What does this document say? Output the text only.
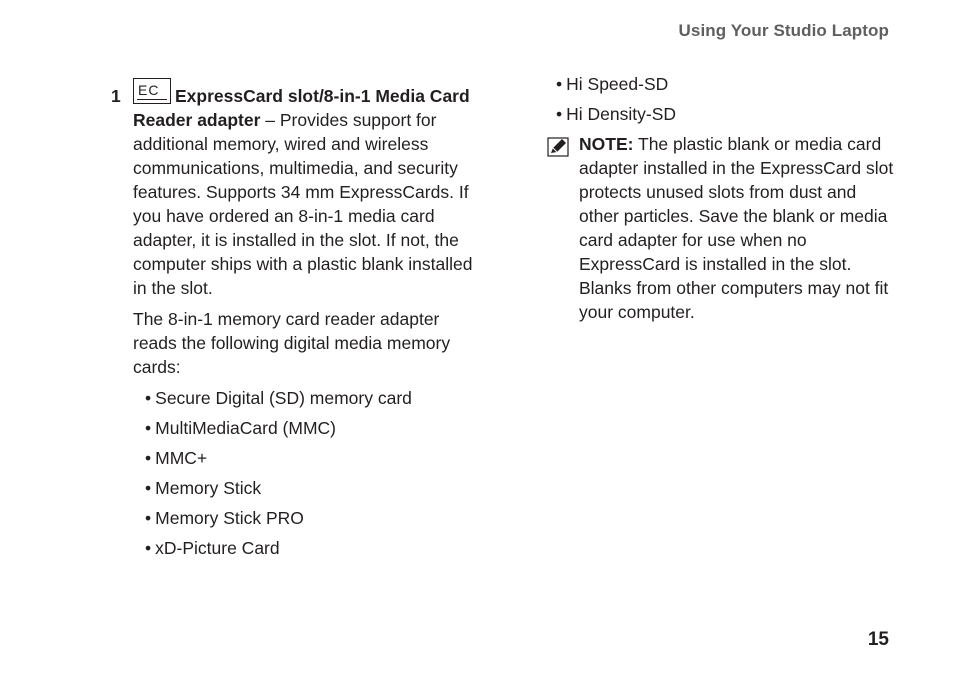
Using Your Studio Laptop
1 EC ExpressCard slot/8-in-1 Media Card Reader adapter – Provides support for additional memory, wired and wireless communications, multimedia, and security features. Supports 34 mm ExpressCards. If you have ordered an 8-in-1 media card adapter, it is installed in the slot. If not, the computer ships with a plastic blank installed in the slot.

The 8-in-1 memory card reader adapter reads the following digital media memory cards:

• Secure Digital (SD) memory card
• MultiMediaCard (MMC)
• MMC+
• Memory Stick
• Memory Stick PRO
• xD-Picture Card
• Hi Speed-SD
• Hi Density-SD

NOTE: The plastic blank or media card adapter installed in the ExpressCard slot protects unused slots from dust and other particles. Save the blank or media card adapter for use when no ExpressCard is installed in the slot. Blanks from other computers may not fit your computer.

15
